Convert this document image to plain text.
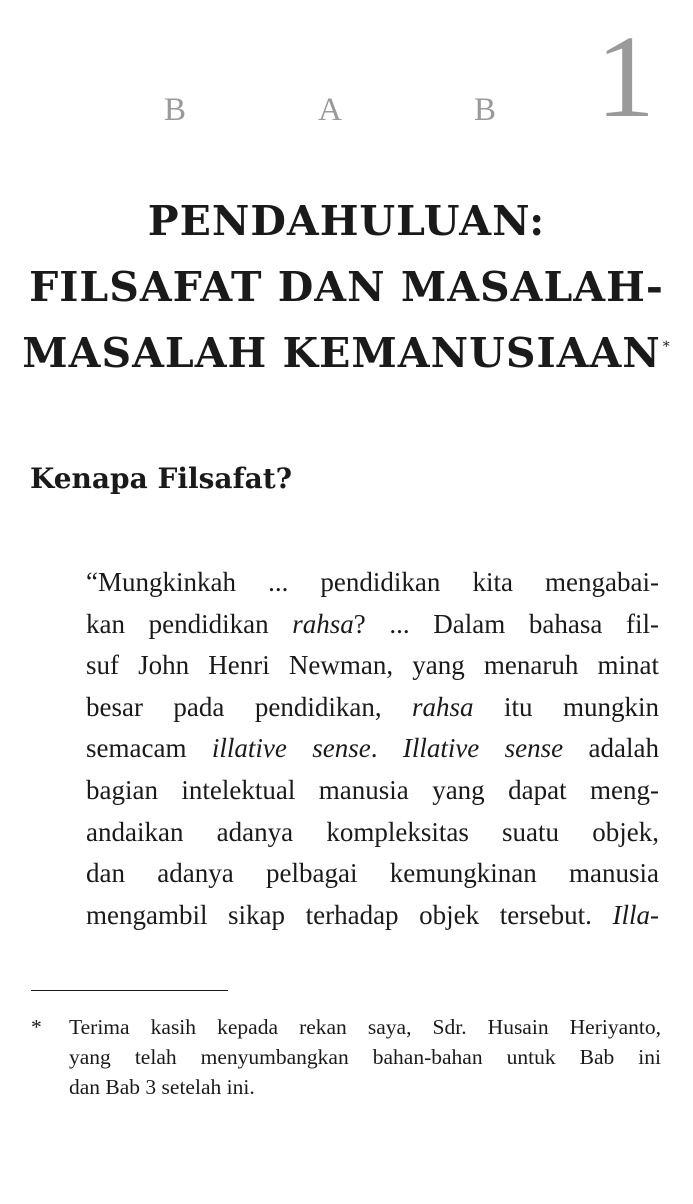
B	A	B 1
PENDAHULUAN:
FILSAFAT DAN MASALAH-
MASALAH KEMANUSIAAN *
Kenapa Filsafat?
“Mungkinkah ... pendidikan kita mengabai-
kan pendidikan rahsa? ... Dalam bahasa fil-
suf John Henri Newman, yang menaruh minat
besar pada pendidikan, rahsa itu mungkin
semacam illative sense. Illative sense adalah
bagian intelektual manusia yang dapat meng-
andaikan adanya kompleksitas suatu objek,
dan adanya pelbagai kemungkinan manusia
mengambil sikap terhadap objek tersebut. Illa-
* Terima kasih kepada rekan saya, Sdr. Husain Heriyanto,
yang telah menyumbangkan bahan-bahan untuk Bab ini
dan Bab 3 setelah ini.
